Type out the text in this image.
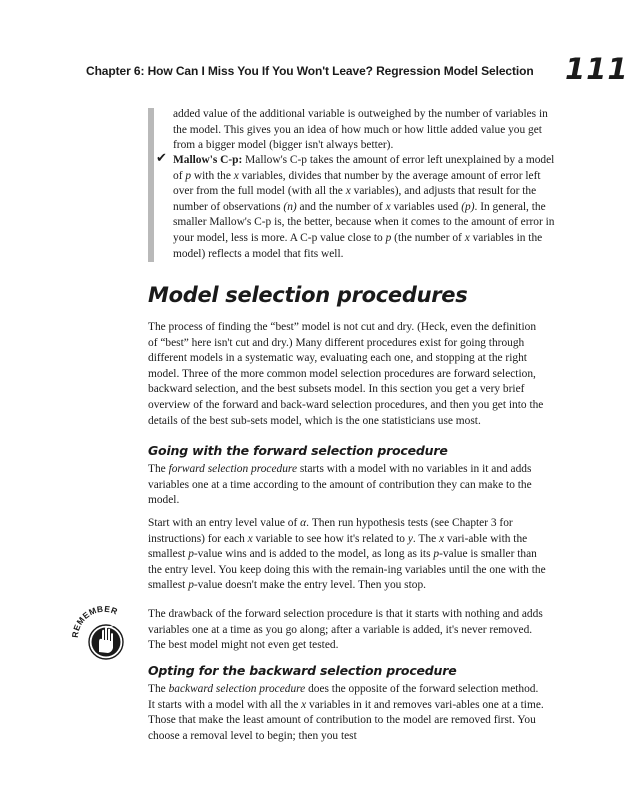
Chapter 6: How Can I Miss You If You Won't Leave? Regression Model Selection 111

added value of the additional variable is outweighed by the number of variables in the model. This gives you an idea of how much or how little added value you get from a bigger model (bigger isn't always better).

✔ Mallow's C-p: Mallow's C-p takes the amount of error left unexplained by a model of p with the x variables, divides that number by the average amount of error left over from the full model (with all the x variables), and adjusts that result for the number of observations (n) and the number of x variables used (p). In general, the smaller Mallow's C-p is, the better, because when it comes to the amount of error in your model, less is more. A C-p value close to p (the number of x variables in the model) reflects a model that fits well.

Model selection procedures

The process of finding the “best” model is not cut and dry. (Heck, even the definition of “best” here isn't cut and dry.) Many different procedures exist for going through different models in a systematic way, evaluating each one, and stopping at the right model. Three of the more common model selection procedures are forward selection, backward selection, and the best subsets model. In this section you get a very brief overview of the forward and back-ward selection procedures, and then you get into the details of the best sub-sets model, which is the one statisticians use most.

Going with the forward selection procedure

The forward selection procedure starts with a model with no variables in it and adds variables one at a time according to the amount of contribution they can make to the model.

Start with an entry level value of α. Then run hypothesis tests (see Chapter 3 for instructions) for each x variable to see how it's related to y. The x vari-able with the smallest p-value wins and is added to the model, as long as its p-value is smaller than the entry level. You keep doing this with the remain-ing variables until the one with the smallest p-value doesn't make the entry level. Then you stop.

REMEMBER	The drawback of the forward selection procedure is that it starts with nothing and adds variables one at a time as you go along; after a variable is added, it's never removed. The best model might not even get tested.

Opting for the backward selection procedure

The backward selection procedure does the opposite of the forward selection method. It starts with a model with all the x variables in it and removes vari-ables one at a time. Those that make the least amount of contribution to the model are removed first. You choose a removal level to begin; then you test
